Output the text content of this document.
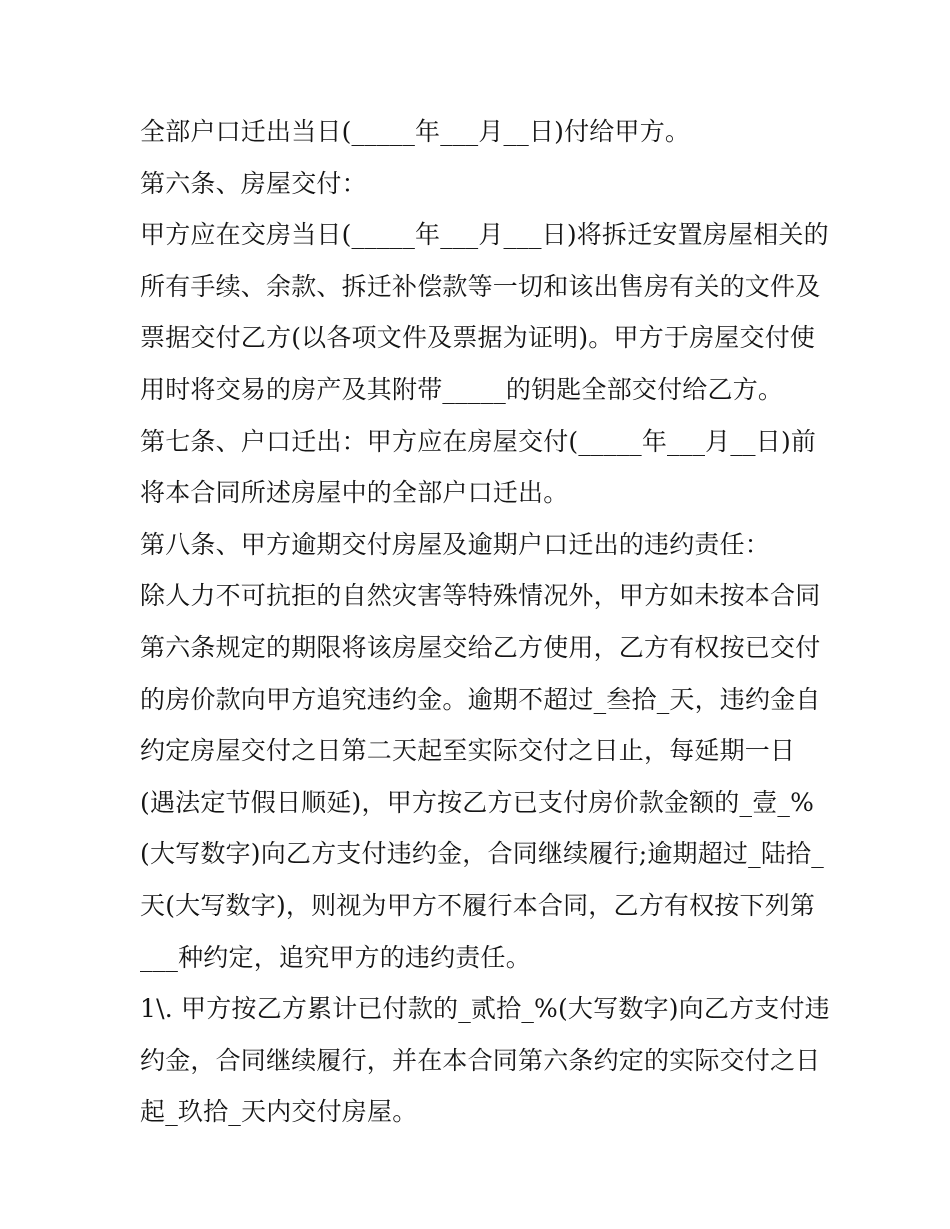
全部户口迁出当日(_____年___月__日)付给甲方。
第六条、房屋交付：
甲方应在交房当日(_____年___月___日)将拆迁安置房屋相关的
所有手续、余款、拆迁补偿款等一切和该出售房有关的文件及
票据交付乙方(以各项文件及票据为证明)。甲方于房屋交付使
用时将交易的房产及其附带_____的钥匙全部交付给乙方。
第七条、户口迁出：甲方应在房屋交付(_____年___月__日)前
将本合同所述房屋中的全部户口迁出。
第八条、甲方逾期交付房屋及逾期户口迁出的违约责任：
除人力不可抗拒的自然灾害等特殊情况外，甲方如未按本合同
第六条规定的期限将该房屋交给乙方使用，乙方有权按已交付
的房价款向甲方追究违约金。逾期不超过_叁拾_天，违约金自
约定房屋交付之日第二天起至实际交付之日止，每延期一日
(遇法定节假日顺延)，甲方按乙方已支付房价款金额的_壹_%
(大写数字)向乙方支付违约金，合同继续履行;逾期超过_陆拾_
天(大写数字)，则视为甲方不履行本合同，乙方有权按下列第
___种约定，追究甲方的违约责任。
1\. 甲方按乙方累计已付款的_贰拾_%(大写数字)向乙方支付违
约金，合同继续履行，并在本合同第六条约定的实际交付之日
起_玖拾_天内交付房屋。
